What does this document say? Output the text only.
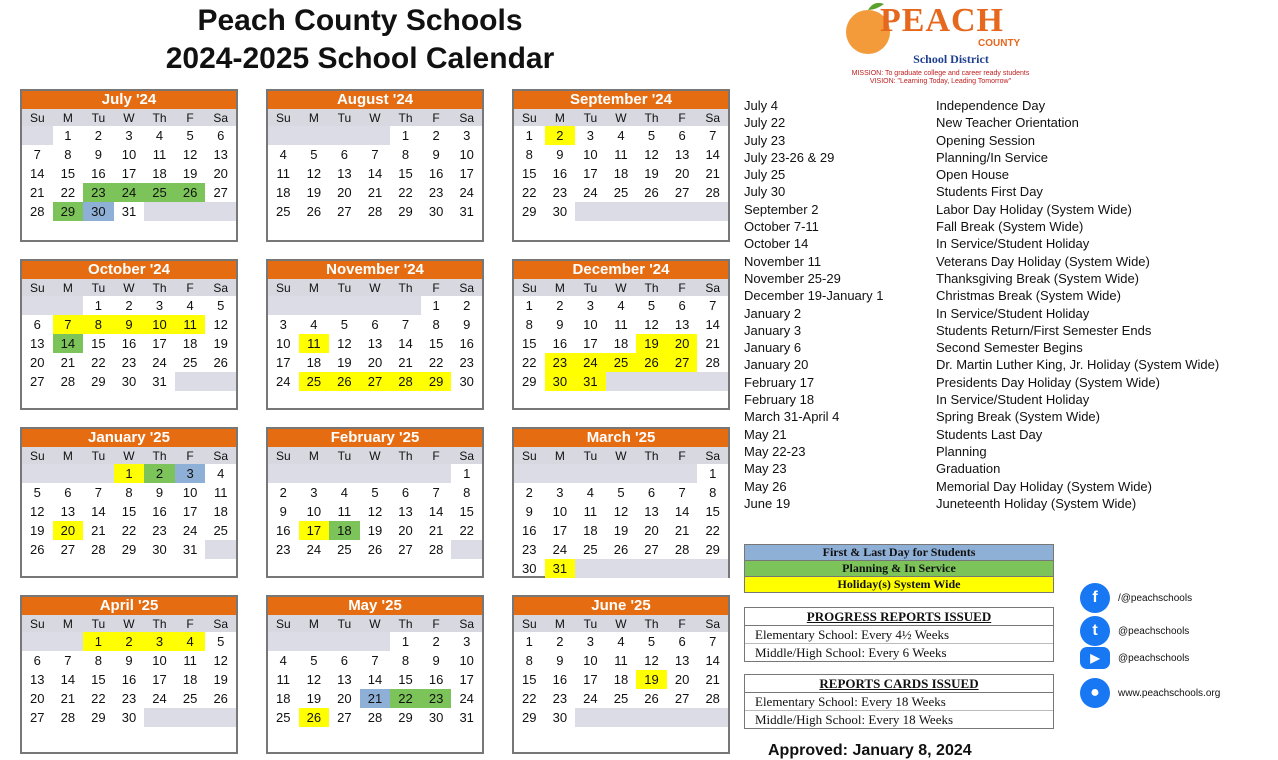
Peach County Schools
2024-2025 School Calendar
PEACH
COUNTY
School District
MISSION: To graduate college and career ready students
VISION: "Learning Today, Leading Tomorrow"
July '24
Su	M	Tu	W	Th	F	Sa
	1	2	3	4	5	6
7	8	9	10	11	12	13
14	15	16	17	18	19	20
21	22	23	24	25	26	27
28	29	30	31			
August '24
Su	M	Tu	W	Th	F	Sa
				1	2	3
4	5	6	7	8	9	10
11	12	13	14	15	16	17
18	19	20	21	22	23	24
25	26	27	28	29	30	31
September '24
Su	M	Tu	W	Th	F	Sa
1	2	3	4	5	6	7
8	9	10	11	12	13	14
15	16	17	18	19	20	21
22	23	24	25	26	27	28
29	30					
October '24
Su	M	Tu	W	Th	F	Sa
		1	2	3	4	5
6	7	8	9	10	11	12
13	14	15	16	17	18	19
20	21	22	23	24	25	26
27	28	29	30	31		
November '24
Su	M	Tu	W	Th	F	Sa
					1	2
3	4	5	6	7	8	9
10	11	12	13	14	15	16
17	18	19	20	21	22	23
24	25	26	27	28	29	30
December '24
Su	M	Tu	W	Th	F	Sa
1	2	3	4	5	6	7
8	9	10	11	12	13	14
15	16	17	18	19	20	21
22	23	24	25	26	27	28
29	30	31				
January '25
Su	M	Tu	W	Th	F	Sa
			1	2	3	4
5	6	7	8	9	10	11
12	13	14	15	16	17	18
19	20	21	22	23	24	25
26	27	28	29	30	31	
February '25
Su	M	Tu	W	Th	F	Sa
						1
2	3	4	5	6	7	8
9	10	11	12	13	14	15
16	17	18	19	20	21	22
23	24	25	26	27	28	
March '25
Su	M	Tu	W	Th	F	Sa
						1
2	3	4	5	6	7	8
9	10	11	12	13	14	15
16	17	18	19	20	21	22
23	24	25	26	27	28	29
30	31					
April '25
Su	M	Tu	W	Th	F	Sa
		1	2	3	4	5
6	7	8	9	10	11	12
13	14	15	16	17	18	19
20	21	22	23	24	25	26
27	28	29	30			
May '25
Su	M	Tu	W	Th	F	Sa
				1	2	3
4	5	6	7	8	9	10
11	12	13	14	15	16	17
18	19	20	21	22	23	24
25	26	27	28	29	30	31
June '25
Su	M	Tu	W	Th	F	Sa
1	2	3	4	5	6	7
8	9	10	11	12	13	14
15	16	17	18	19	20	21
22	23	24	25	26	27	28
29	30					
July 4	Independence Day
July 22	New Teacher Orientation
July 23	Opening Session
July 23-26 & 29	Planning/In Service
July 25	Open House
July 30	Students First Day
September 2	Labor Day Holiday (System Wide)
October 7-11	Fall Break (System Wide)
October 14	In Service/Student Holiday
November 11	Veterans Day Holiday (System Wide)
November 25-29	Thanksgiving Break (System Wide)
December 19-January 1	Christmas Break (System Wide)
January 2	In Service/Student Holiday
January 3	Students Return/First Semester Ends
January 6	Second Semester Begins
January 20	Dr. Martin Luther King, Jr. Holiday (System Wide)
February 17	Presidents Day Holiday (System Wide)
February 18	In Service/Student Holiday
March 31-April 4	Spring Break (System Wide)
May 21	Students Last Day
May 22-23	Planning
May 23	Graduation
May 26	Memorial Day Holiday (System Wide)
June 19	Juneteenth Holiday (System Wide)
First & Last Day for Students
Planning & In Service
Holiday(s) System Wide
PROGRESS REPORTS ISSUED
Elementary School: Every 4½ Weeks
Middle/High School: Every 6 Weeks
REPORTS CARDS ISSUED
Elementary School: Every 18 Weeks
Middle/High School: Every 18 Weeks
f	/@peachschools
t	@peachschools
▶	@peachschools
●	www.peachschools.org
Approved: January 8, 2024
